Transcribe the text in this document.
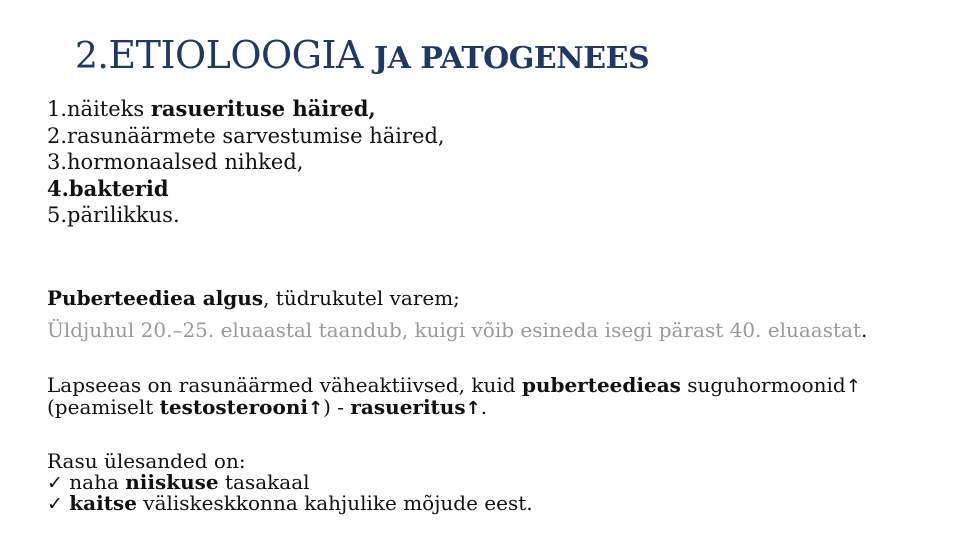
2.ETIOLOOGIA JA PATOGENEES
1.näiteks rasuerituse häired,
2.rasunäärmete sarvestumise häired,
3.hormonaalsed nihked,
4.bakterid
5.pärilikkus.

Puberteediea algus, tüdrukutel varem;

Üldjuhul 20.–25. eluaastal taandub, kuigi võib esineda isegi pärast 40. eluaastat.

Lapseeas on rasunäärmed väheaktiivsed, kuid puberteedieas suguhormoonid↑ (peamiselt testosterooni↑) - rasueritus↑.

Rasu ülesanded on:

✓ naha niiskuse tasakaal

✓ kaitse väliskeskkonna kahjulike mõjude eest.
